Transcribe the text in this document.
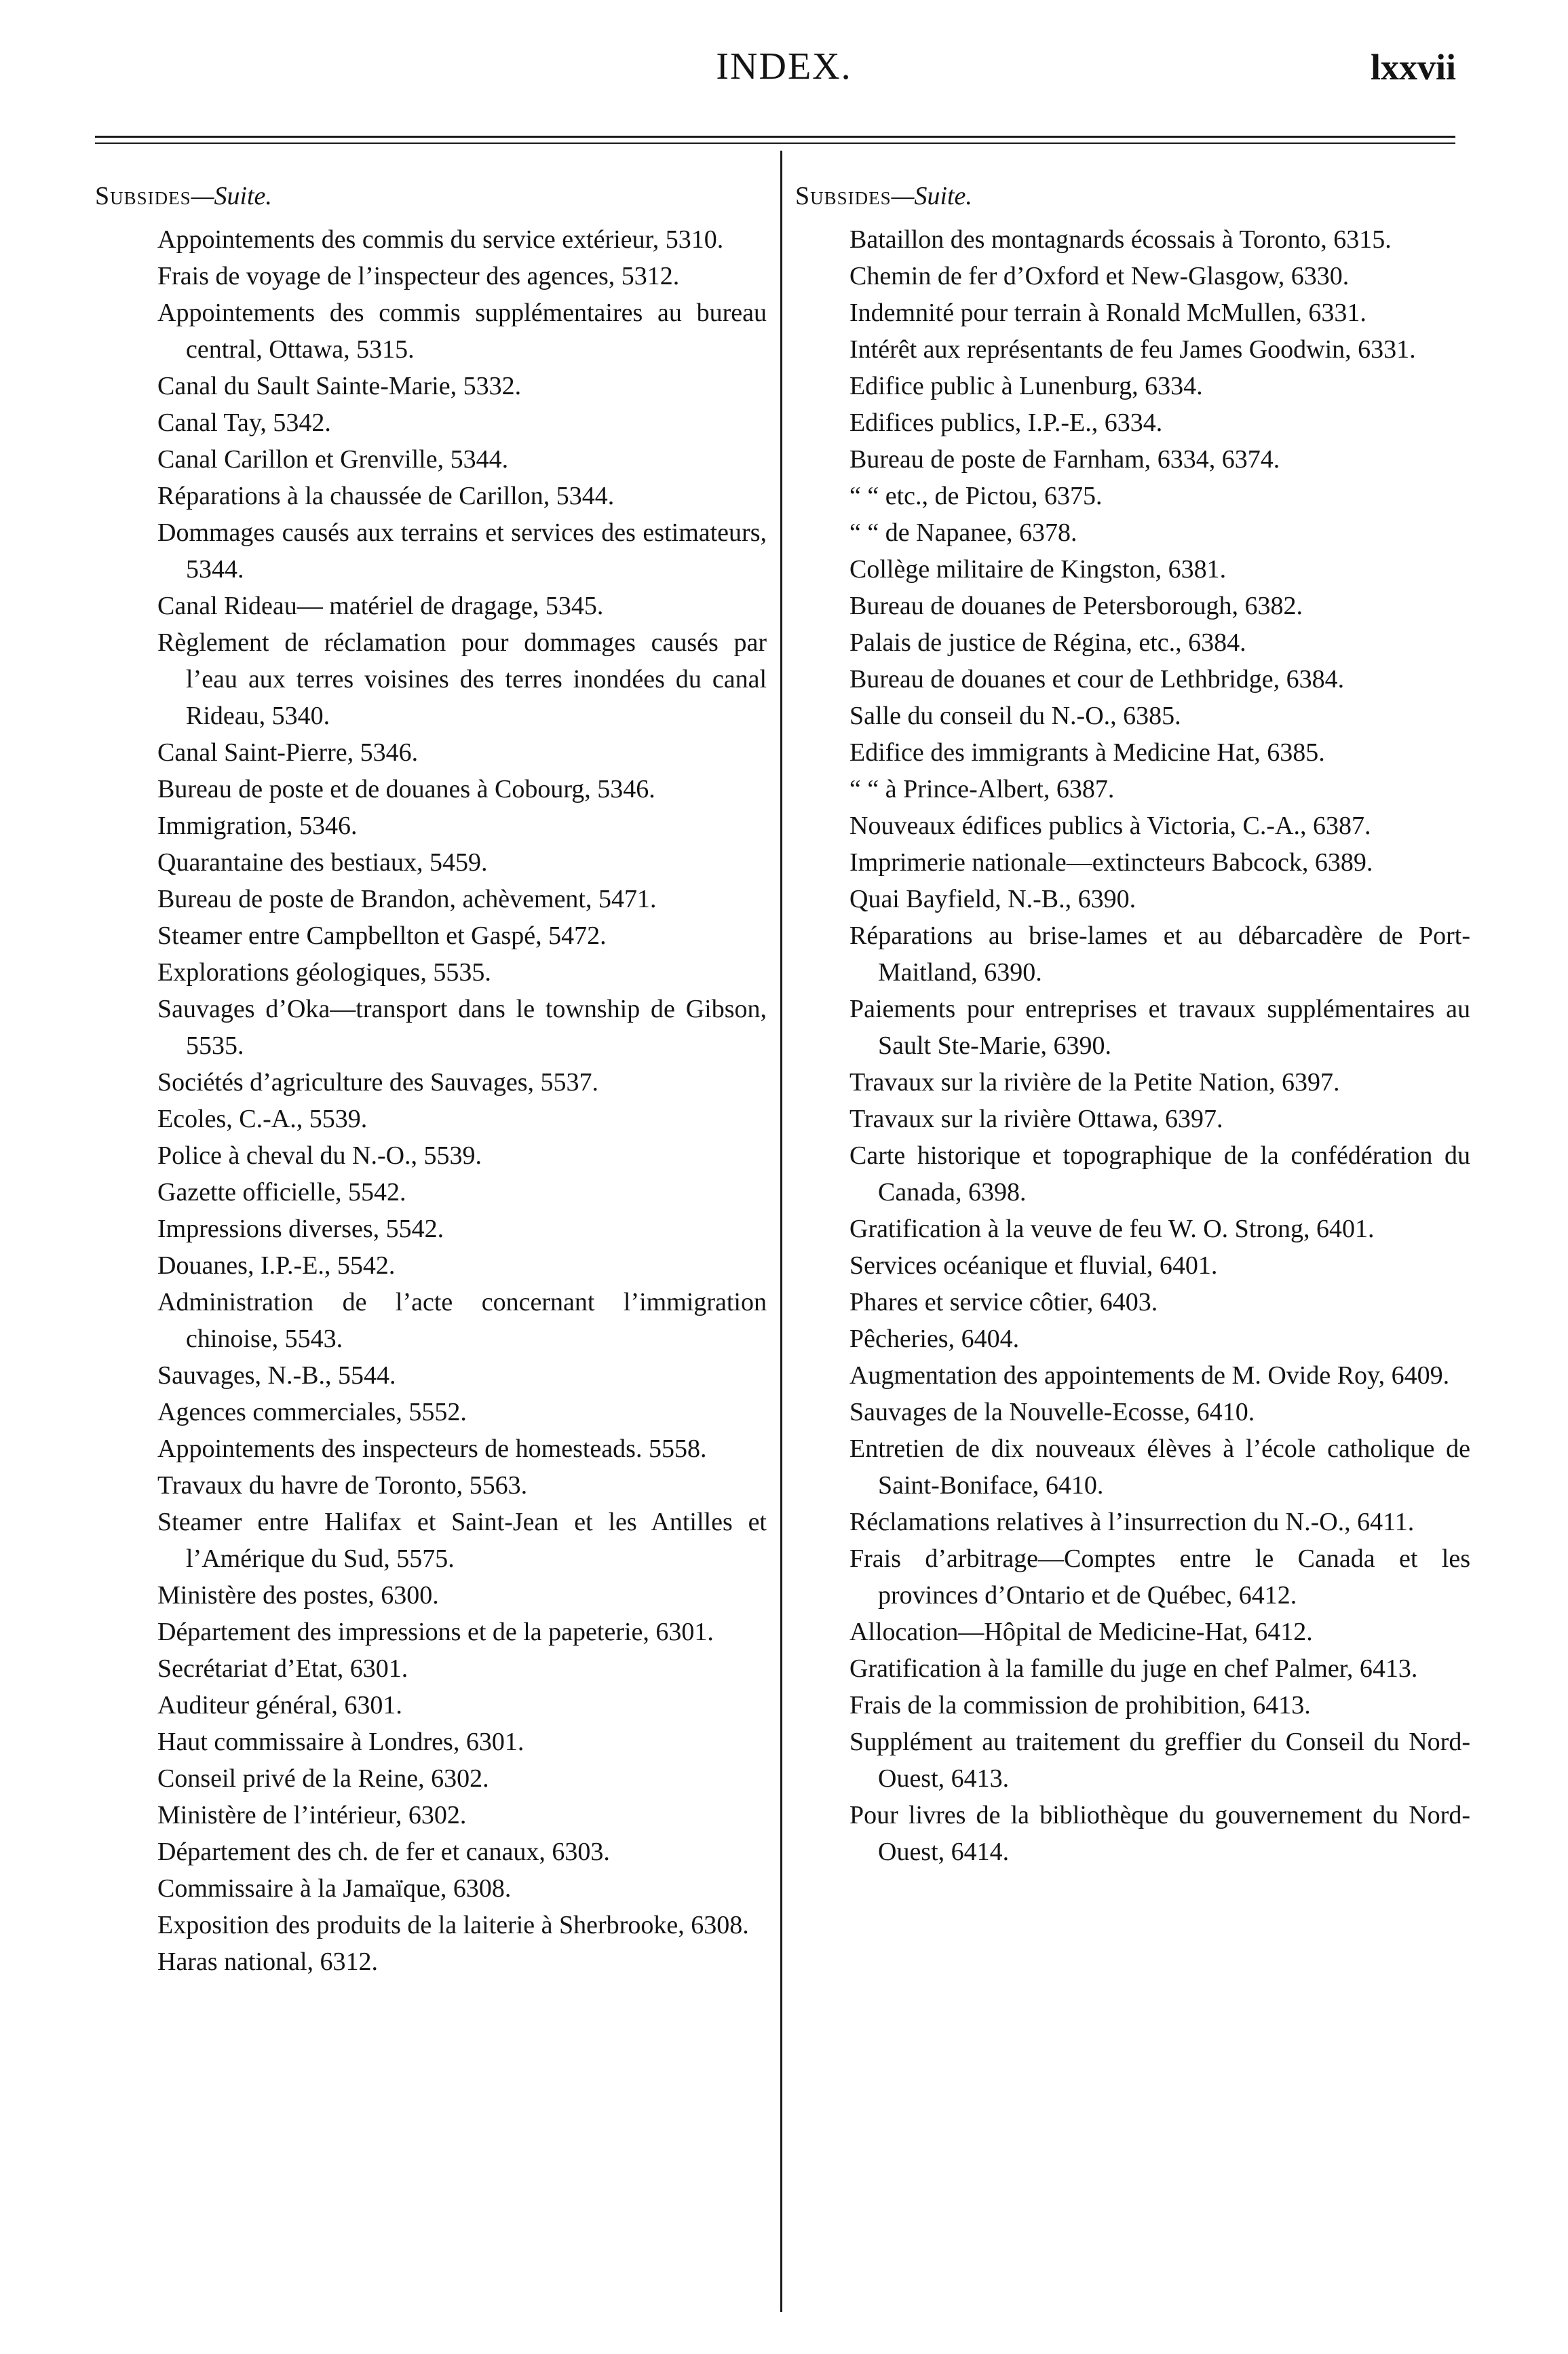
INDEX.	lxxvii
Subsides—Suite.
Appointements des commis du service extérieur, 5310.
Frais de voyage de l’inspecteur des agences, 5312.
Appointements des commis supplémentaires au bureau central, Ottawa, 5315.
Canal du Sault Sainte-Marie, 5332.
Canal Tay, 5342.
Canal Carillon et Grenville, 5344.
Réparations à la chaussée de Carillon, 5344.
Dommages causés aux terrains et services des estimateurs, 5344.
Canal Rideau— matériel de dragage, 5345.
Règlement de réclamation pour dommages causés par l’eau aux terres voisines des terres inondées du canal Rideau, 5340.
Canal Saint-Pierre, 5346.
Bureau de poste et de douanes à Cobourg, 5346.
Immigration, 5346.
Quarantaine des bestiaux, 5459.
Bureau de poste de Brandon, achèvement, 5471.
Steamer entre Campbellton et Gaspé, 5472.
Explorations géologiques, 5535.
Sauvages d’Oka—transport dans le township de Gibson, 5535.
Sociétés d’agriculture des Sauvages, 5537.
Ecoles, C.-A., 5539.
Police à cheval du N.-O., 5539.
Gazette officielle, 5542.
Impressions diverses, 5542.
Douanes, I.P.-E., 5542.
Administration de l’acte concernant l’immigration chinoise, 5543.
Sauvages, N.-B., 5544.
Agences commerciales, 5552.
Appointements des inspecteurs de homesteads. 5558.
Travaux du havre de Toronto, 5563.
Steamer entre Halifax et Saint-Jean et les Antilles et l’Amérique du Sud, 5575.
Ministère des postes, 6300.
Département des impressions et de la papeterie, 6301.
Secrétariat d’Etat, 6301.
Auditeur général, 6301.
Haut commissaire à Londres, 6301.
Conseil privé de la Reine, 6302.
Ministère de l’intérieur, 6302.
Département des ch. de fer et canaux, 6303.
Commissaire à la Jamaïque, 6308.
Exposition des produits de la laiterie à Sherbrooke, 6308.
Haras national, 6312.
Subsides—Suite.
Bataillon des montagnards écossais à Toronto, 6315.
Chemin de fer d’Oxford et New-Glasgow, 6330.
Indemnité pour terrain à Ronald McMullen, 6331.
Intérêt aux représentants de feu James Goodwin, 6331.
Edifice public à Lunenburg, 6334.
Edifices publics, I.P.-E., 6334.
Bureau de poste de Farnham, 6334, 6374.
“ “ etc., de Pictou, 6375.
“ “ de Napanee, 6378.
Collège militaire de Kingston, 6381.
Bureau de douanes de Petersborough, 6382.
Palais de justice de Régina, etc., 6384.
Bureau de douanes et cour de Lethbridge, 6384.
Salle du conseil du N.-O., 6385.
Edifice des immigrants à Medicine Hat, 6385.
“ “ à Prince-Albert, 6387.
Nouveaux édifices publics à Victoria, C.-A., 6387.
Imprimerie nationale—extincteurs Babcock, 6389.
Quai Bayfield, N.-B., 6390.
Réparations au brise-lames et au débarcadère de Port-Maitland, 6390.
Paiements pour entreprises et travaux supplémentaires au Sault Ste-Marie, 6390.
Travaux sur la rivière de la Petite Nation, 6397.
Travaux sur la rivière Ottawa, 6397.
Carte historique et topographique de la confédération du Canada, 6398.
Gratification à la veuve de feu W. O. Strong, 6401.
Services océanique et fluvial, 6401.
Phares et service côtier, 6403.
Pêcheries, 6404.
Augmentation des appointements de M. Ovide Roy, 6409.
Sauvages de la Nouvelle-Ecosse, 6410.
Entretien de dix nouveaux élèves à l’école catholique de Saint-Boniface, 6410.
Réclamations relatives à l’insurrection du N.-O., 6411.
Frais d’arbitrage—Comptes entre le Canada et les provinces d’Ontario et de Québec, 6412.
Allocation—Hôpital de Medicine-Hat, 6412.
Gratification à la famille du juge en chef Palmer, 6413.
Frais de la commission de prohibition, 6413.
Supplément au traitement du greffier du Conseil du Nord-Ouest, 6413.
Pour livres de la bibliothèque du gouvernement du Nord-Ouest, 6414.
